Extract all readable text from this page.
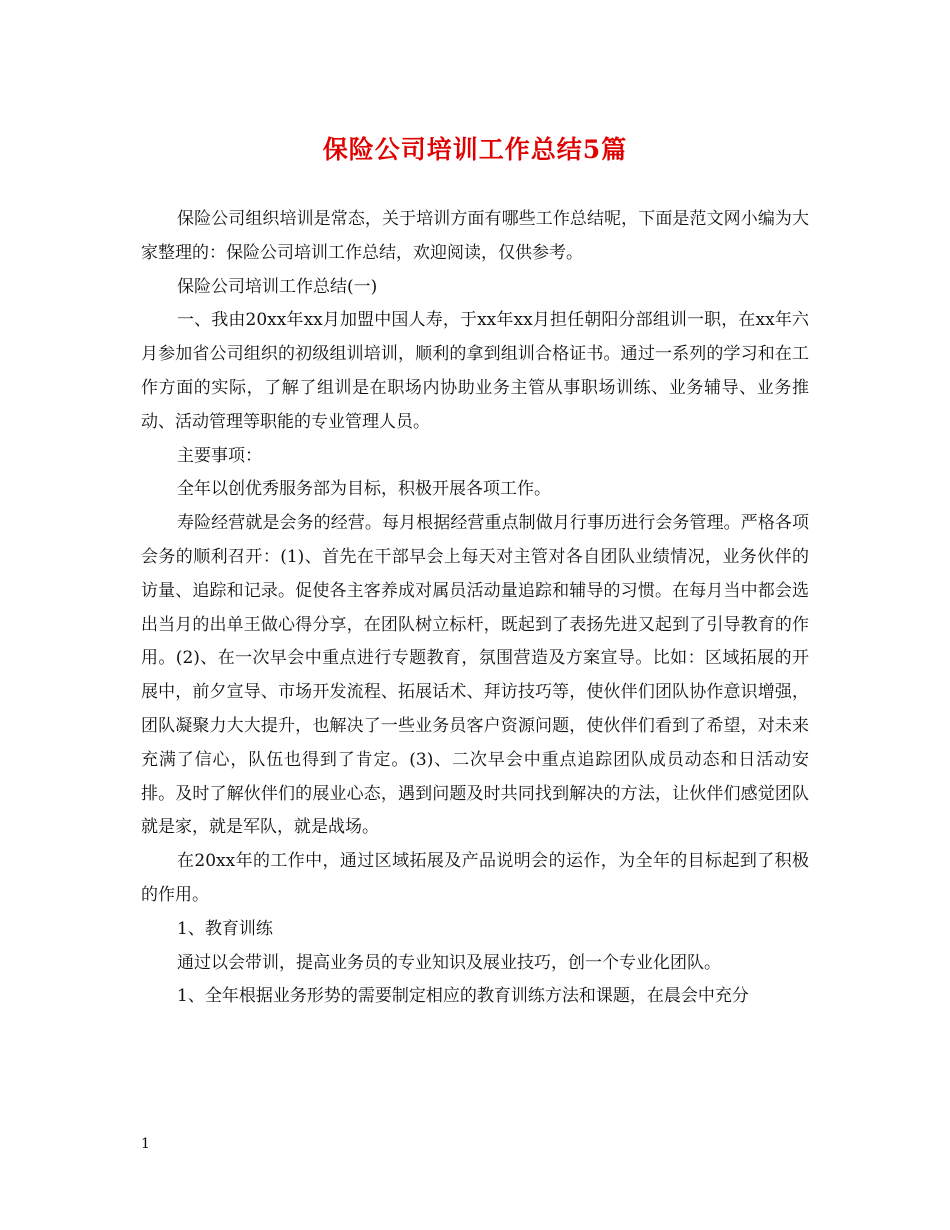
保险公司培训工作总结5篇

保险公司组织培训是常态，关于培训方面有哪些工作总结呢，下面是范文网小编为大家整理的：保险公司培训工作总结，欢迎阅读，仅供参考。

保险公司培训工作总结(一)

一、我由20xx年xx月加盟中国人寿，于xx年xx月担任朝阳分部组训一职，在xx年六月参加省公司组织的初级组训培训，顺利的拿到组训合格证书。通过一系列的学习和在工作方面的实际，了解了组训是在职场内协助业务主管从事职场训练、业务辅导、业务推动、活动管理等职能的专业管理人员。

主要事项：

全年以创优秀服务部为目标，积极开展各项工作。

寿险经营就是会务的经营。每月根据经营重点制做月行事历进行会务管理。严格各项会务的顺利召开：(1)、首先在干部早会上每天对主管对各自团队业绩情况，业务伙伴的访量、追踪和记录。促使各主客养成对属员活动量追踪和辅导的习惯。在每月当中都会选出当月的出单王做心得分享，在团队树立标杆，既起到了表扬先进又起到了引导教育的作用。(2)、在一次早会中重点进行专题教育，氛围营造及方案宣导。比如：区域拓展的开展中，前夕宣导、市场开发流程、拓展话术、拜访技巧等，使伙伴们团队协作意识增强，团队凝聚力大大提升，也解决了一些业务员客户资源问题，使伙伴们看到了希望，对未来充满了信心，队伍也得到了肯定。(3)、二次早会中重点追踪团队成员动态和日活动安排。及时了解伙伴们的展业心态，遇到问题及时共同找到解决的方法，让伙伴们感觉团队就是家，就是军队，就是战场。

在20xx年的工作中，通过区域拓展及产品说明会的运作，为全年的目标起到了积极的作用。

1、教育训练

通过以会带训，提高业务员的专业知识及展业技巧，创一个专业化团队。

1、全年根据业务形势的需要制定相应的教育训练方法和课题，在晨会中充分

1
